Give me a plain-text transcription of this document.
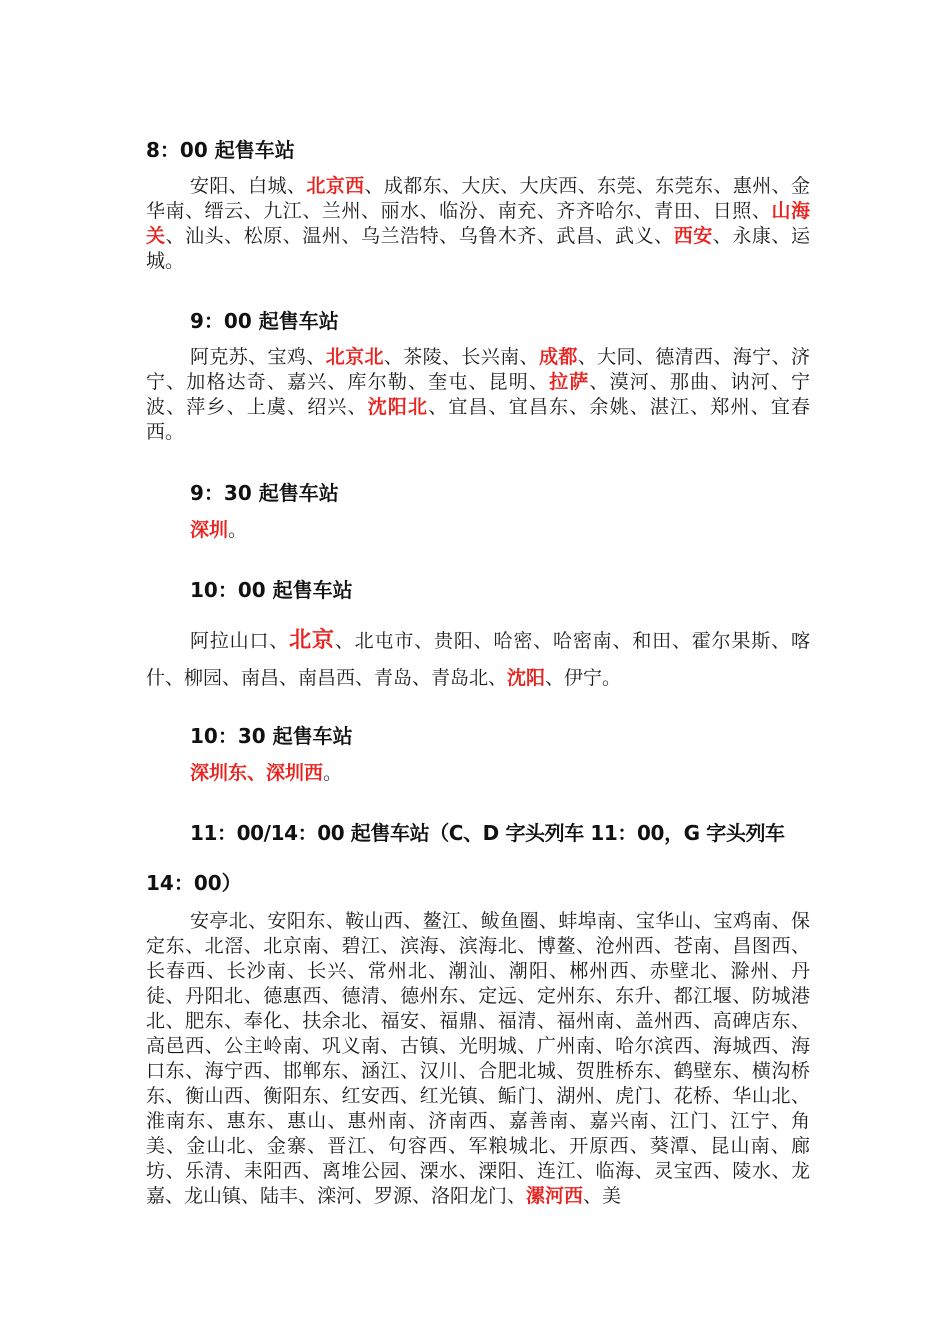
8：00 起售车站
安阳、白城、北京西、成都东、大庆、大庆西、东莞、东莞东、惠州、金华南、缙云、九江、兰州、丽水、临汾、南充、齐齐哈尔、青田、日照、山海关、汕头、松原、温州、乌兰浩特、乌鲁木齐、武昌、武义、西安、永康、运城。
9：00 起售车站
阿克苏、宝鸡、北京北、茶陵、长兴南、成都、大同、德清西、海宁、济宁、加格达奇、嘉兴、库尔勒、奎屯、昆明、拉萨、漠河、那曲、讷河、宁波、萍乡、上虞、绍兴、沈阳北、宜昌、宜昌东、余姚、湛江、郑州、宜春西。
9：30 起售车站
深圳。
10：00 起售车站
阿拉山口、北京、北屯市、贵阳、哈密、哈密南、和田、霍尔果斯、喀什、柳园、南昌、南昌西、青岛、青岛北、沈阳、伊宁。
10：30 起售车站
深圳东、深圳西。
11：00/14：00 起售车站（C、D 字头列车 11：00，G 字头列车
14：00）
安亭北、安阳东、鞍山西、鳌江、鲅鱼圈、蚌埠南、宝华山、宝鸡南、保定东、北滘、北京南、碧江、滨海、滨海北、博鳌、沧州西、苍南、昌图西、长春西、长沙南、长兴、常州北、潮汕、潮阳、郴州西、赤壁北、滁州、丹徒、丹阳北、德惠西、德清、德州东、定远、定州东、东升、都江堰、防城港北、肥东、奉化、扶余北、福安、福鼎、福清、福州南、盖州西、高碑店东、高邑西、公主岭南、巩义南、古镇、光明城、广州南、哈尔滨西、海城西、海口东、海宁西、邯郸东、涵江、汉川、合肥北城、贺胜桥东、鹤壁东、横沟桥东、衡山西、衡阳东、红安西、红光镇、鲘门、湖州、虎门、花桥、华山北、淮南东、惠东、惠山、惠州南、济南西、嘉善南、嘉兴南、江门、江宁、角美、金山北、金寨、晋江、句容西、军粮城北、开原西、葵潭、昆山南、廊坊、乐清、耒阳西、离堆公园、溧水、溧阳、连江、临海、灵宝西、陵水、龙嘉、龙山镇、陆丰、滦河、罗源、洛阳龙门、漯河西、美
